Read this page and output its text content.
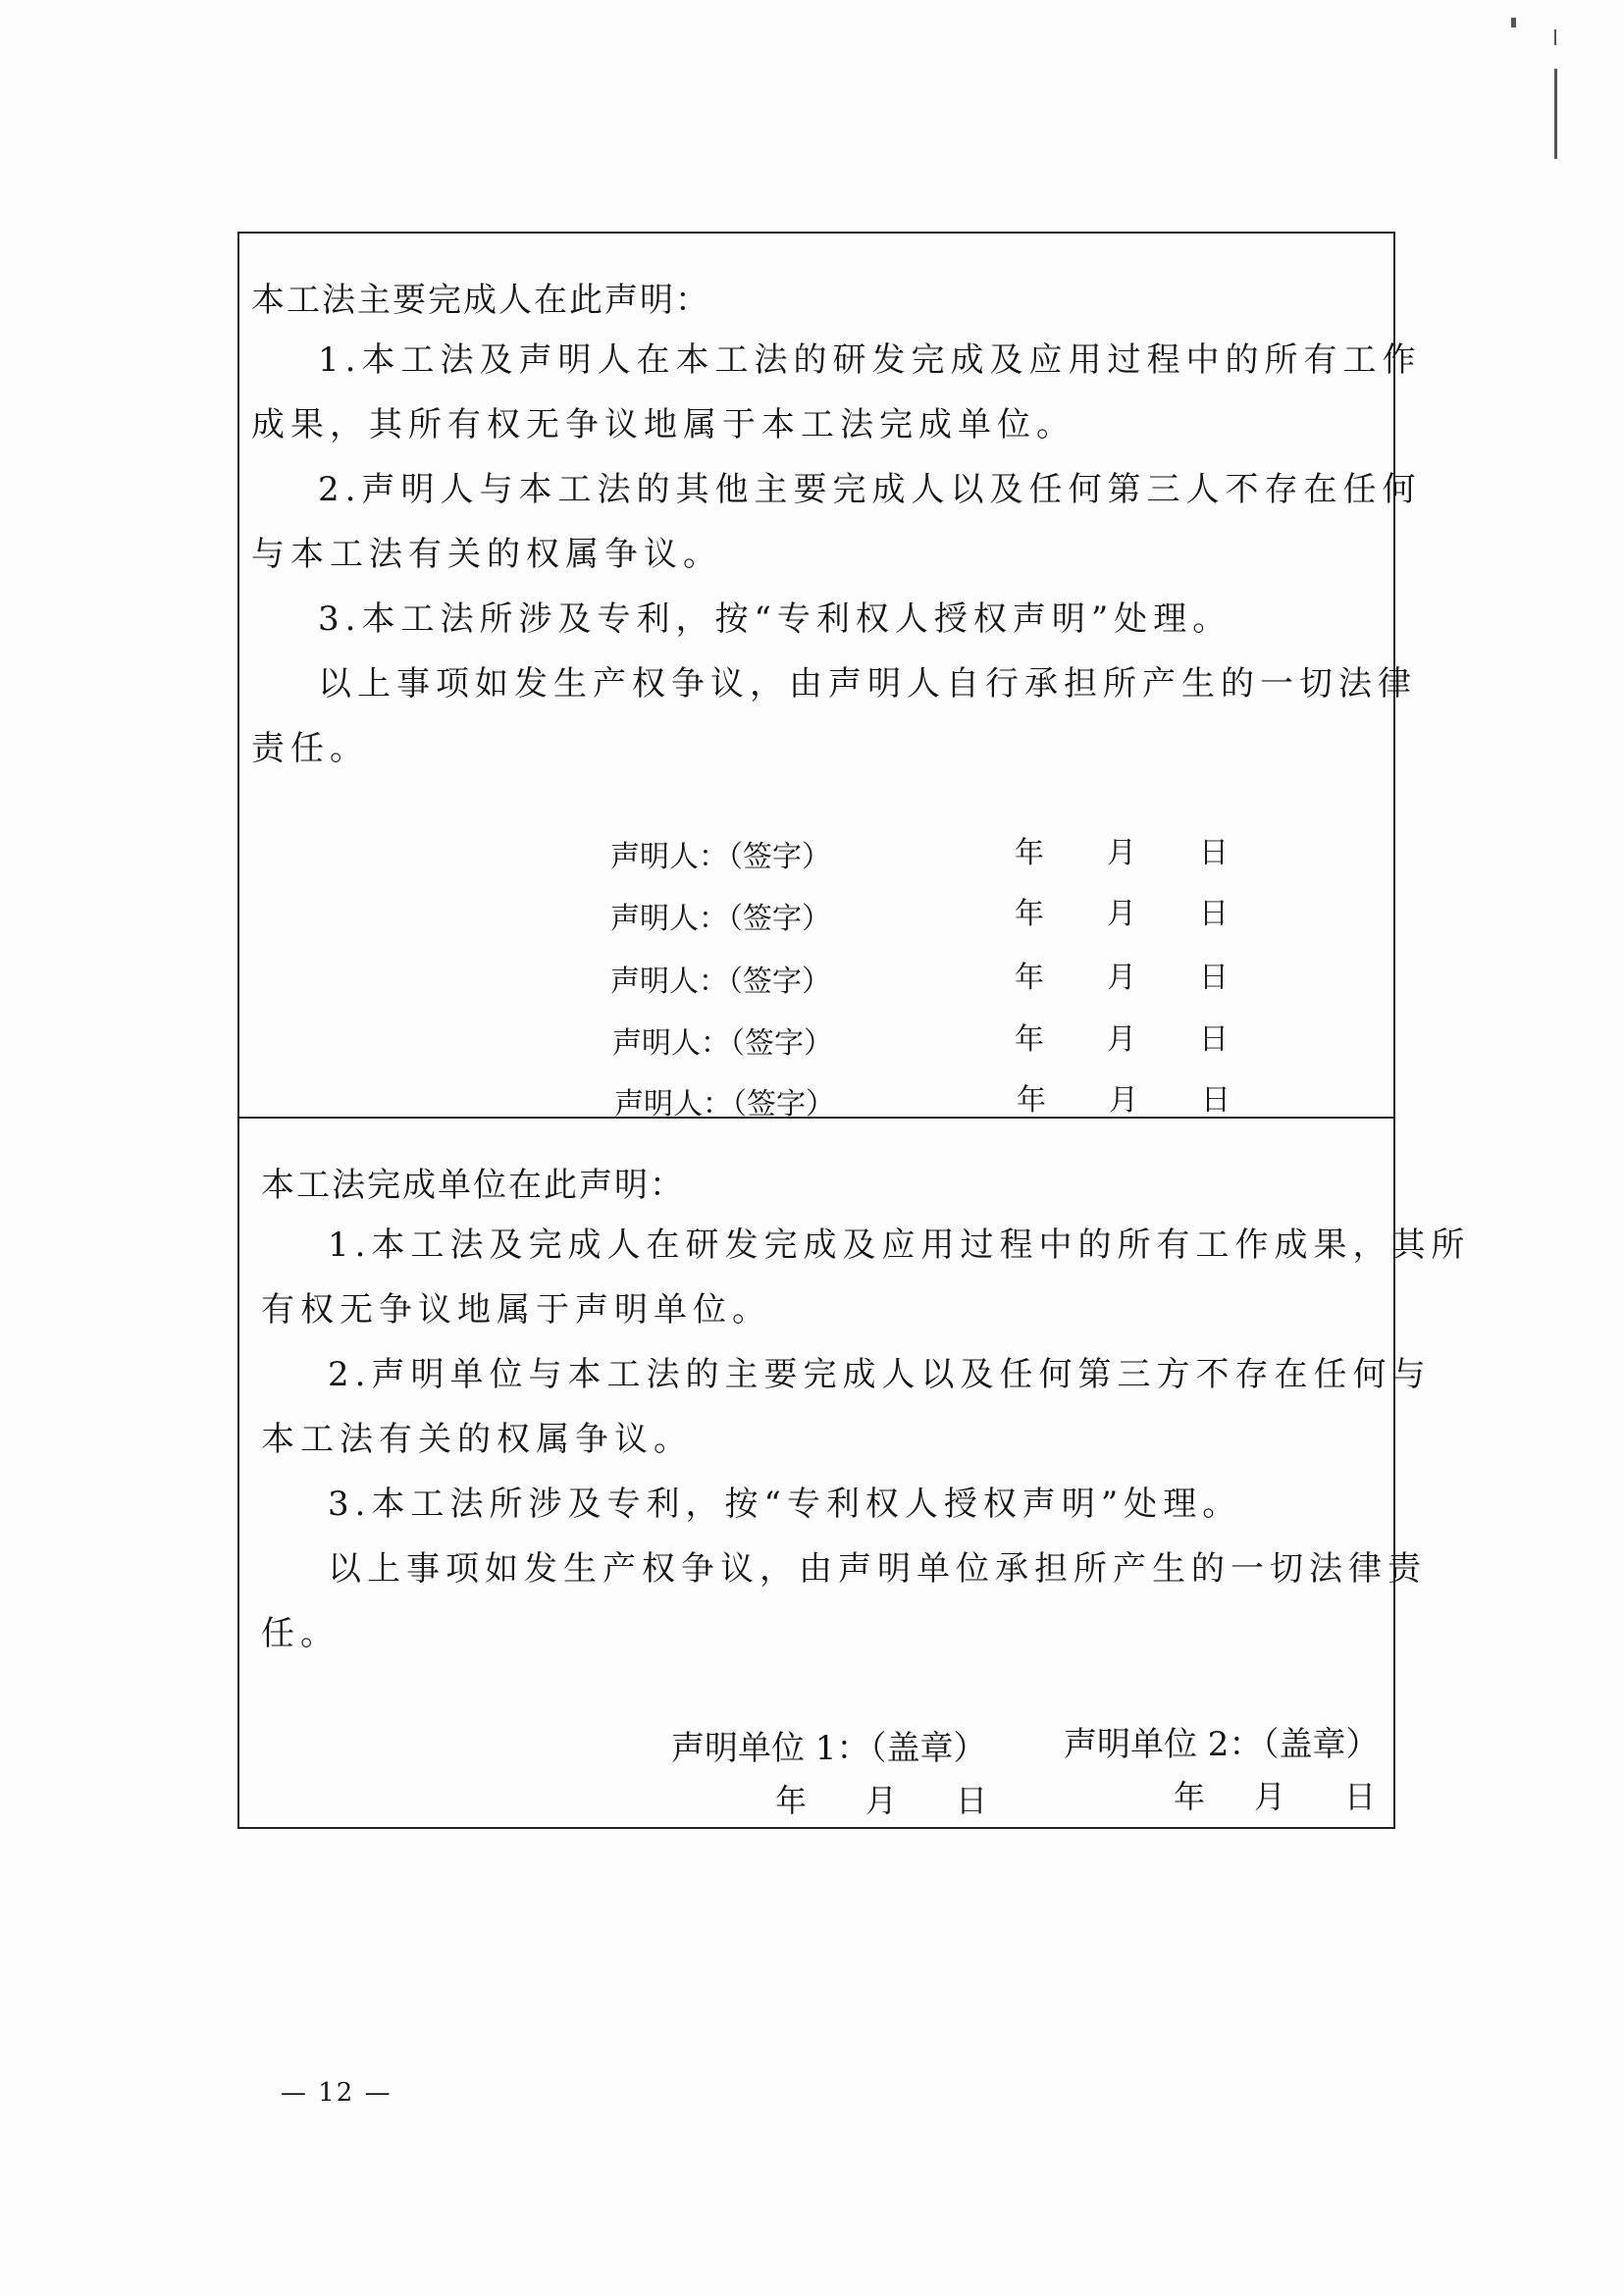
本工法主要完成人在此声明：
1.本工法及声明人在本工法的研发完成及应用过程中的所有工作
成果，其所有权无争议地属于本工法完成单位。
2.声明人与本工法的其他主要完成人以及任何第三人不存在任何
与本工法有关的权属争议。
3.本工法所涉及专利，按“专利权人授权声明”处理。
以上事项如发生产权争议，由声明人自行承担所产生的一切法律
责任。
声明人：（签字）	年 月 日
声明人：（签字）	年 月 日
声明人：（签字）	年 月 日
声明人：（签字）	年 月 日
声明人：（签字）	年 月 日
本工法完成单位在此声明：
1.本工法及完成人在研发完成及应用过程中的所有工作成果，其所
有权无争议地属于声明单位。
2.声明单位与本工法的主要完成人以及任何第三方不存在任何与
本工法有关的权属争议。
3.本工法所涉及专利，按“专利权人授权声明”处理。
以上事项如发生产权争议，由声明单位承担所产生的一切法律责
任。
声明单位 1：（盖章） 声明单位 2：（盖章）
年 月 日	年 月 日
— 12 —
